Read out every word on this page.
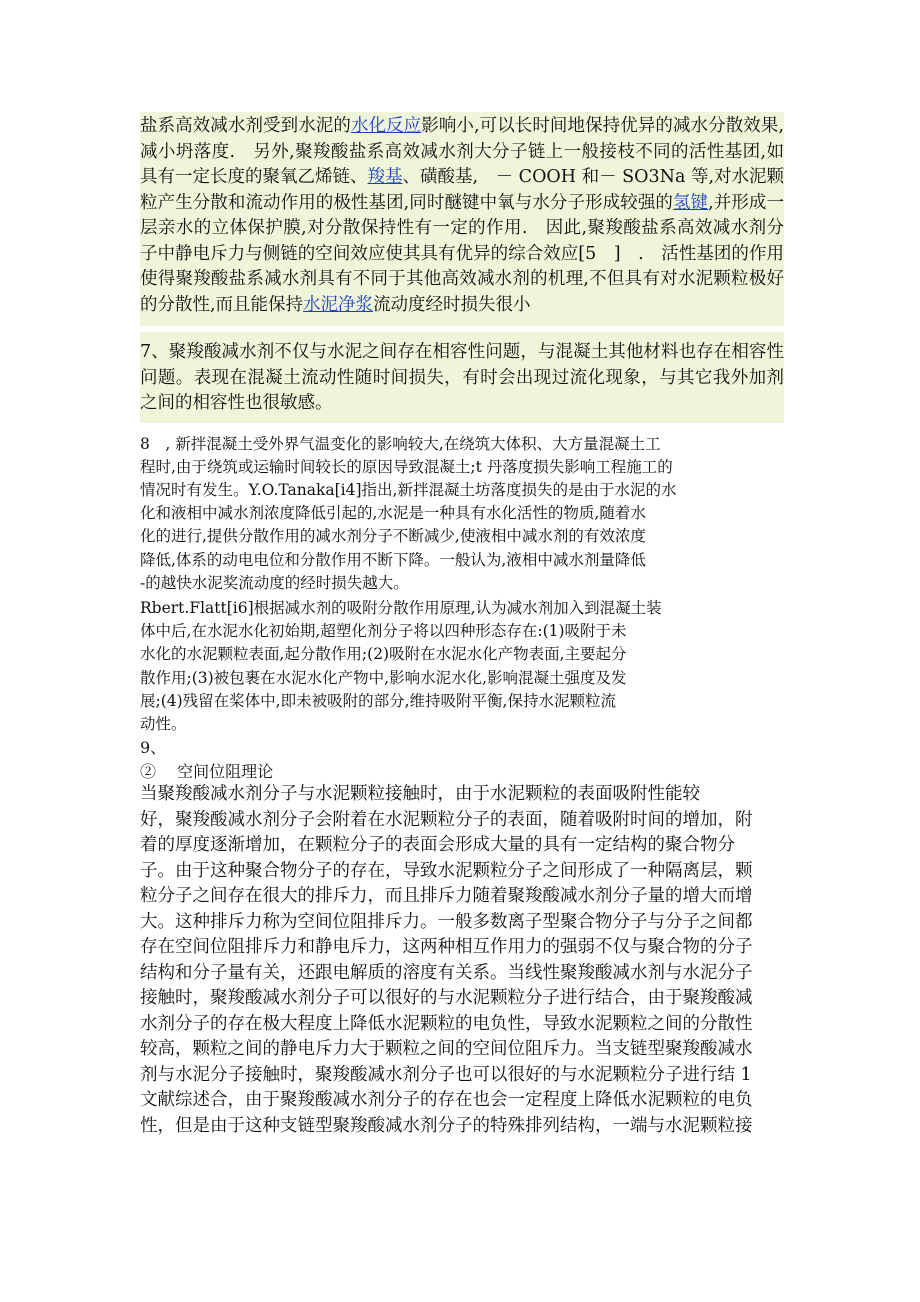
盐系高效减水剂受到水泥的水化反应影响小,可以长时间地保持优异的减水分散效果,减小坍落度.　另外,聚羧酸盐系高效减水剂大分子链上一般接枝不同的活性基团,如具有一定长度的聚氧乙烯链、羧基、磺酸基,　－ COOH 和－ SO3Na 等,对水泥颗粒产生分散和流动作用的极性基团,同时醚键中氧与水分子形成较强的氢键,并形成一层亲水的立体保护膜,对分散保持性有一定的作用.　因此,聚羧酸盐系高效减水剂分子中静电斥力与侧链的空间效应使其具有优异的综合效应[5　]　.　活性基团的作用使得聚羧酸盐系减水剂具有不同于其他高效减水剂的机理,不但具有对水泥颗粒极好的分散性,而且能保持水泥净浆流动度经时损失很小
7、聚羧酸减水剂不仅与水泥之间存在相容性问题，与混凝土其他材料也存在相容性问题。表现在混凝土流动性随时间损失，有时会出现过流化现象，与其它我外加剂之间的相容性也很敏感。
8　, 新拌混凝土受外界气温变化的影响较大,在绕筑大体积、大方量混凝土工
程时,由于绕筑或运输时间较长的原因导致混凝土;t 丹落度损失影响工程施工的
情况时有发生。Y.O.Tanaka[i4]指出,新拌混凝土坊落度损失的是由于水泥的水
化和液相中减水剂浓度降低引起的,水泥是一种具有水化活性的物质,随着水
化的进行,提供分散作用的减水剂分子不断减少,使液相中减水剂的有效浓度
降低,体系的动电电位和分散作用不断下降。一般认为,液相中减水剂量降低
-的越快水泥奖流动度的经时损失越大。
Rbert.Flatt[i6]根据减水剂的吸附分散作用原理,认为减水剂加入到混凝土装
体中后,在水泥水化初始期,超塑化剂分子将以四种形态存在:(1)吸附于未
水化的水泥颗粒表面,起分散作用;(2)吸附在水泥水化产物表面,主要起分
散作用;(3)被包裹在水泥水化产物中,影响水泥水化,影响混凝土强度及发
展;(4)残留在桨体中,即未被吸附的部分,维持吸附平衡,保持水泥颗粒流
动性。
9、
②　 空间位阻理论
当聚羧酸减水剂分子与水泥颗粒接触时，由于水泥颗粒的表面吸附性能较
好，聚羧酸减水剂分子会附着在水泥颗粒分子的表面，随着吸附时间的增加，附
着的厚度逐渐增加，在颗粒分子的表面会形成大量的具有一定结构的聚合物分
子。由于这种聚合物分子的存在，导致水泥颗粒分子之间形成了一种隔离层，颗
粒分子之间存在很大的排斥力，而且排斥力随着聚羧酸减水剂分子量的增大而增
大。这种排斥力称为空间位阻排斥力。一般多数离子型聚合物分子与分子之间都
存在空间位阻排斥力和静电斥力，这两种相互作用力的强弱不仅与聚合物的分子
结构和分子量有关，还跟电解质的溶度有关系。当线性聚羧酸减水剂与水泥分子
接触时，聚羧酸减水剂分子可以很好的与水泥颗粒分子进行结合，由于聚羧酸减
水剂分子的存在极大程度上降低水泥颗粒的电负性，导致水泥颗粒之间的分散性
较高，颗粒之间的静电斥力大于颗粒之间的空间位阻斥力。当支链型聚羧酸减水
剂与水泥分子接触时，聚羧酸减水剂分子也可以很好的与水泥颗粒分子进行结 1
文献综述合，由于聚羧酸减水剂分子的存在也会一定程度上降低水泥颗粒的电负
性，但是由于这种支链型聚羧酸减水剂分子的特殊排列结构，一端与水泥颗粒接
